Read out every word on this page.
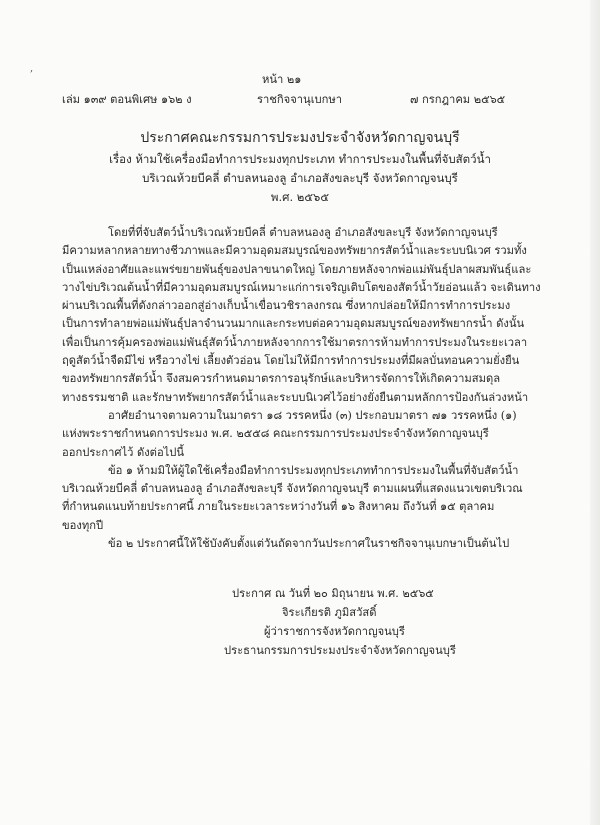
,
หน้า ๒๑
เล่ม ๑๓๙ ตอนพิเศษ ๑๖๒ ง	ราชกิจจานุเบกษา	๗ กรกฎาคม ๒๕๖๕
ประกาศคณะกรรมการประมงประจำจังหวัดกาญจนบุรี
เรื่อง ห้ามใช้เครื่องมือทำการประมงทุกประเภท ทำการประมงในพื้นที่จับสัตว์น้ำ
บริเวณห้วยบีคลี่ ตำบลหนองลู อำเภอสังขละบุรี จังหวัดกาญจนบุรี
พ.ศ. ๒๕๖๕

โดยที่ที่จับสัตว์น้ำบริเวณห้วยบีคลี่ ตำบลหนองลู อำเภอสังขละบุรี จังหวัดกาญจนบุรี

มีความหลากหลายทางชีวภาพและมีความอุดมสมบูรณ์ของทรัพยากรสัตว์น้ำและระบบนิเวศ รวมทั้ง

เป็นแหล่งอาศัยและแพร่ขยายพันธุ์ของปลาขนาดใหญ่ โดยภายหลังจากพ่อแม่พันธุ์ปลาผสมพันธุ์และ

วางไข่บริเวณต้นน้ำที่มีความอุดมสมบูรณ์เหมาะแก่การเจริญเติบโตของสัตว์น้ำวัยอ่อนแล้ว จะเดินทาง

ผ่านบริเวณพื้นที่ดังกล่าวออกสู่อ่างเก็บน้ำเขื่อนวชิราลงกรณ ซึ่งหากปล่อยให้มีการทำการประมง

เป็นการทำลายพ่อแม่พันธุ์ปลาจำนวนมากและกระทบต่อความอุดมสมบูรณ์ของทรัพยากรน้ำ ดังนั้น

เพื่อเป็นการคุ้มครองพ่อแม่พันธุ์สัตว์น้ำภายหลังจากการใช้มาตรการห้ามทำการประมงในระยะเวลา

ฤดูสัตว์น้ำจืดมีไข่ หรือวางไข่ เลี้ยงตัวอ่อน โดยไม่ให้มีการทำการประมงที่มีผลบั่นทอนความยั่งยืน

ของทรัพยากรสัตว์น้ำ จึงสมควรกำหนดมาตรการอนุรักษ์และบริหารจัดการให้เกิดความสมดุล

ทางธรรมชาติ และรักษาทรัพยากรสัตว์น้ำและระบบนิเวศไว้อย่างยั่งยืนตามหลักการป้องกันล่วงหน้า

อาศัยอำนาจตามความในมาตรา ๑๘ วรรคหนึ่ง (๓) ประกอบมาตรา ๗๑ วรรคหนึ่ง (๑)

แห่งพระราชกำหนดการประมง พ.ศ. ๒๕๕๘ คณะกรรมการประมงประจำจังหวัดกาญจนบุรี

ออกประกาศไว้ ดังต่อไปนี้

ข้อ ๑ ห้ามมิให้ผู้ใดใช้เครื่องมือทำการประมงทุกประเภททำการประมงในพื้นที่จับสัตว์น้ำ

บริเวณห้วยบีคลี่ ตำบลหนองลู อำเภอสังขละบุรี จังหวัดกาญจนบุรี ตามแผนที่แสดงแนวเขตบริเวณ

ที่กำหนดแนบท้ายประกาศนี้ ภายในระยะเวลาระหว่างวันที่ ๑๖ สิงหาคม ถึงวันที่ ๑๕ ตุลาคม

ของทุกปี

ข้อ ๒ ประกาศนี้ให้ใช้บังคับตั้งแต่วันถัดจากวันประกาศในราชกิจจานุเบกษาเป็นต้นไป

ประกาศ ณ วันที่ ๒๐ มิถุนายน พ.ศ. ๒๕๖๕
จิระเกียรติ ภูมิสวัสดิ์
ผู้ว่าราชการจังหวัดกาญจนบุรี
ประธานกรรมการประมงประจำจังหวัดกาญจนบุรี
